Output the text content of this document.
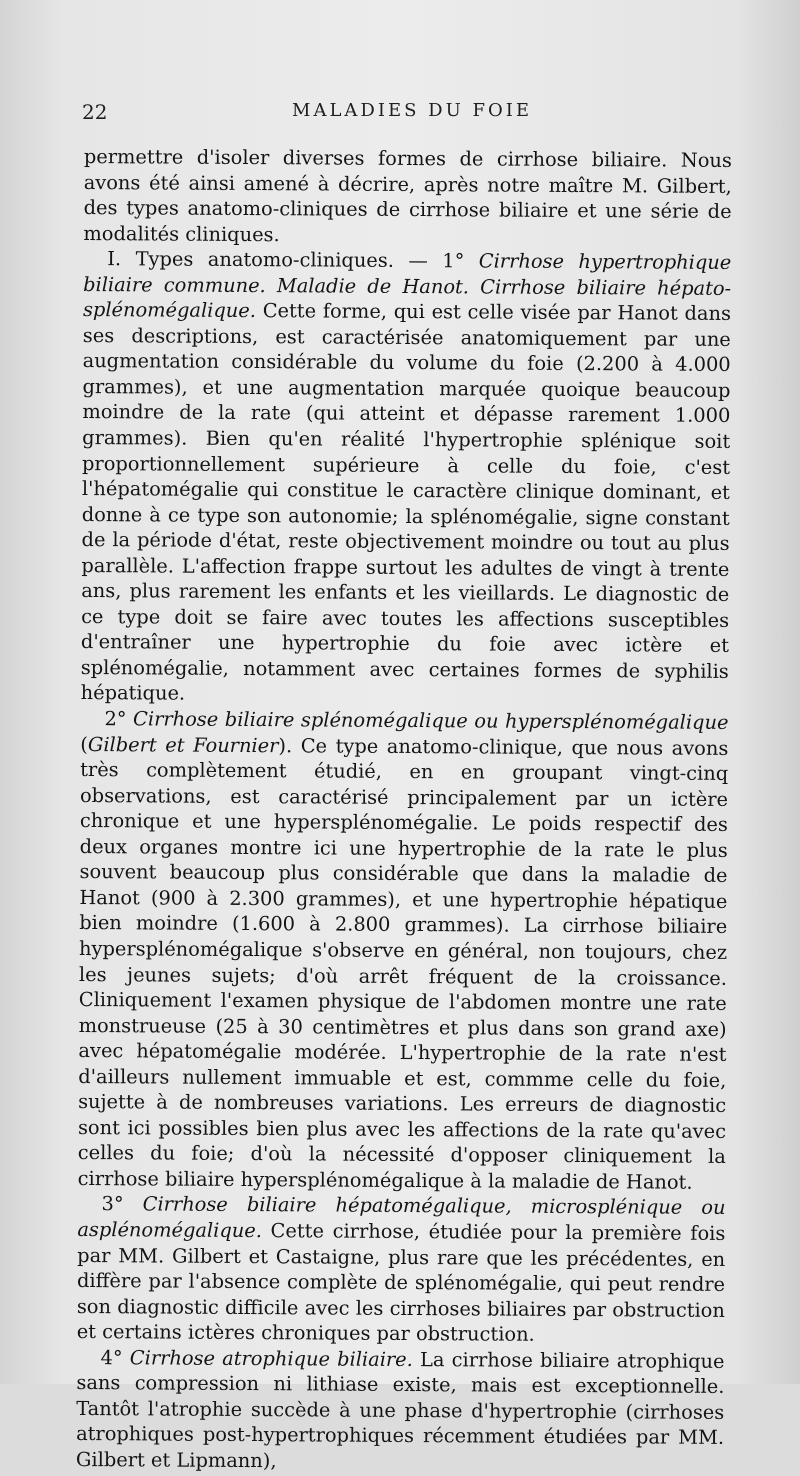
22	MALADIES DU FOIE

permettre d'isoler diverses formes de cirrhose biliaire. Nous avons été ainsi amené à décrire, après notre maître M. Gilbert, des types anatomo-cliniques de cirrhose biliaire et une série de modalités cliniques.

I. Types anatomo-cliniques. — 1° Cirrhose hypertrophique biliaire commune. Maladie de Hanot. Cirrhose biliaire hépato-splénomégalique. Cette forme, qui est celle visée par Hanot dans ses descriptions, est caractérisée anatomiquement par une augmentation considérable du volume du foie (2.200 à 4.000 grammes), et une augmentation marquée quoique beaucoup moindre de la rate (qui atteint et dépasse rarement 1.000 grammes). Bien qu'en réalité l'hypertrophie splénique soit proportionnellement supérieure à celle du foie, c'est l'hépatomégalie qui constitue le caractère clinique dominant, et donne à ce type son autonomie; la splénomégalie, signe constant de la période d'état, reste objectivement moindre ou tout au plus parallèle. L'affection frappe surtout les adultes de vingt à trente ans, plus rarement les enfants et les vieillards. Le diagnostic de ce type doit se faire avec toutes les affections susceptibles d'entraîner une hypertrophie du foie avec ictère et splénomégalie, notamment avec certaines formes de syphilis hépatique.

2° Cirrhose biliaire splénomégalique ou hypersplénomégalique (Gilbert et Fournier). Ce type anatomo-clinique, que nous avons très complètement étudié, en en groupant vingt-cinq observations, est caractérisé principalement par un ictère chronique et une hypersplénomégalie. Le poids respectif des deux organes montre ici une hypertrophie de la rate le plus souvent beaucoup plus considérable que dans la maladie de Hanot (900 à 2.300 grammes), et une hypertrophie hépatique bien moindre (1.600 à 2.800 grammes). La cirrhose biliaire hypersplénomégalique s'observe en général, non toujours, chez les jeunes sujets; d'où arrêt fréquent de la croissance. Cliniquement l'examen physique de l'abdomen montre une rate monstrueuse (25 à 30 centimètres et plus dans son grand axe) avec hépatomégalie modérée. L'hypertrophie de la rate n'est d'ailleurs nullement immuable et est, commme celle du foie, sujette à de nombreuses variations. Les erreurs de diagnostic sont ici possibles bien plus avec les affections de la rate qu'avec celles du foie; d'où la nécessité d'opposer cliniquement la cirrhose biliaire hypersplénomégalique à la maladie de Hanot.

3° Cirrhose biliaire hépatomégalique, microsplénique ou asplénomégalique. Cette cirrhose, étudiée pour la première fois par MM. Gilbert et Castaigne, plus rare que les précédentes, en diffère par l'absence complète de splénomégalie, qui peut rendre son diagnostic difficile avec les cirrhoses biliaires par obstruction et certains ictères chroniques par obstruction.

4° Cirrhose atrophique biliaire. La cirrhose biliaire atrophique sans compression ni lithiase existe, mais est exceptionnelle. Tantôt l'atrophie succède à une phase d'hypertrophie (cirrhoses atrophiques post-hypertrophiques récemment étudiées par MM. Gilbert et Lipmann),
